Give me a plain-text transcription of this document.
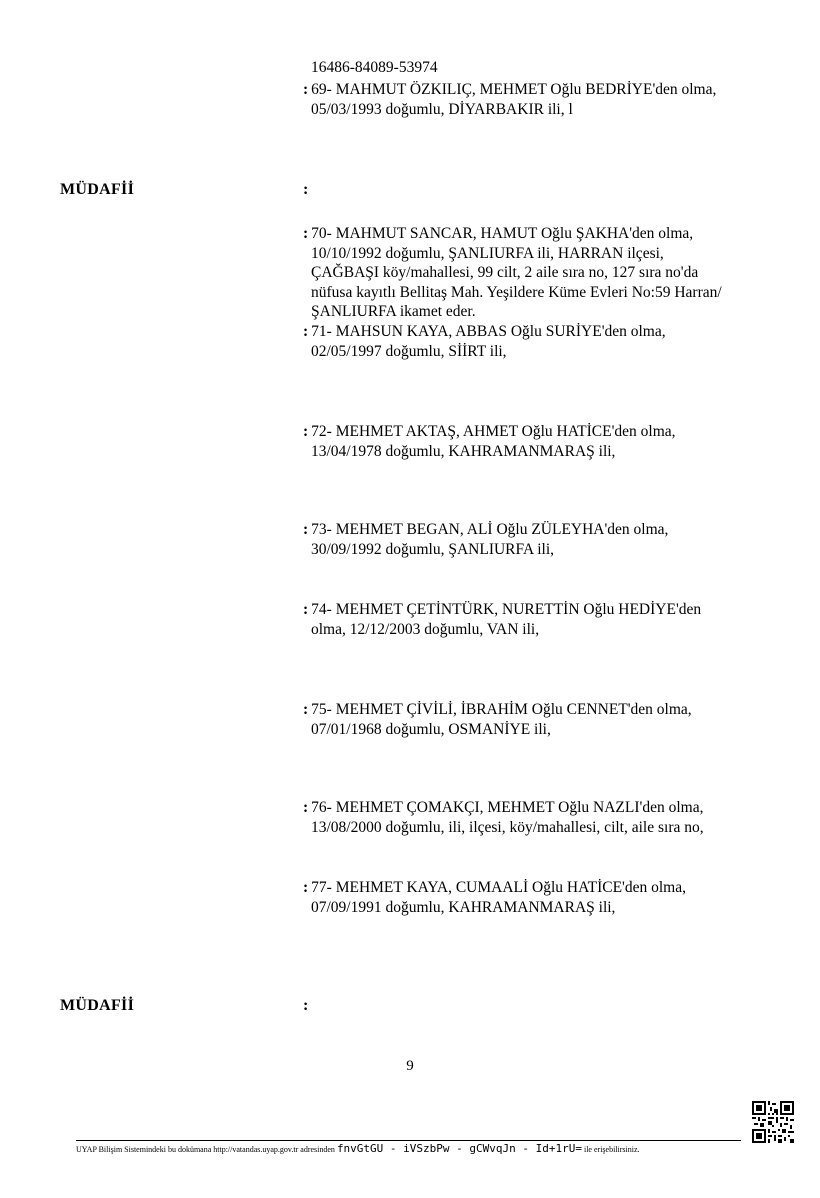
16486-84089-53974
: 69- MAHMUT ÖZKILIÇ, MEHMET Oğlu BEDRİYE'den olma,
05/03/1993 doğumlu, DİYARBAKIR ili, l
MÜDAFİİ	:
: 70- MAHMUT SANCAR, HAMUT Oğlu ŞAKHA'den olma,
10/10/1992 doğumlu, ŞANLIURFA ili, HARRAN ilçesi,
ÇAĞBAŞI köy/mahallesi, 99 cilt, 2 aile sıra no, 127 sıra no'da
nüfusa kayıtlı Bellitaş Mah. Yeşildere Küme Evleri No:59 Harran/
ŞANLIURFA ikamet eder.
: 71- MAHSUN KAYA, ABBAS Oğlu SURİYE'den olma,
02/05/1997 doğumlu, SİİRT ili,
: 72- MEHMET AKTAŞ, AHMET Oğlu HATİCE'den olma,
13/04/1978 doğumlu, KAHRAMANMARAŞ ili,
: 73- MEHMET BEGAN, ALİ Oğlu ZÜLEYHA'den olma,
30/09/1992 doğumlu, ŞANLIURFA ili,
: 74- MEHMET ÇETİNTÜRK, NURETTİN Oğlu HEDİYE'den
olma, 12/12/2003 doğumlu, VAN ili,
: 75- MEHMET ÇİVİLİ, İBRAHİM Oğlu CENNET'den olma,
07/01/1968 doğumlu, OSMANİYE ili,
: 76- MEHMET ÇOMAKÇI, MEHMET Oğlu NAZLI'den olma,
13/08/2000 doğumlu, ili, ilçesi, köy/mahallesi, cilt, aile sıra no,
: 77- MEHMET KAYA, CUMAALİ Oğlu HATİCE'den olma,
07/09/1991 doğumlu, KAHRAMANMARAŞ ili,
MÜDAFİİ	:
9
UYAP Bilişim Sistemindeki bu dokümana http://vatandas.uyap.gov.tr adresinden fnvGtGU - iVSzbPw - gCWvqJn - Id+1rU= ile erişebilirsiniz.
